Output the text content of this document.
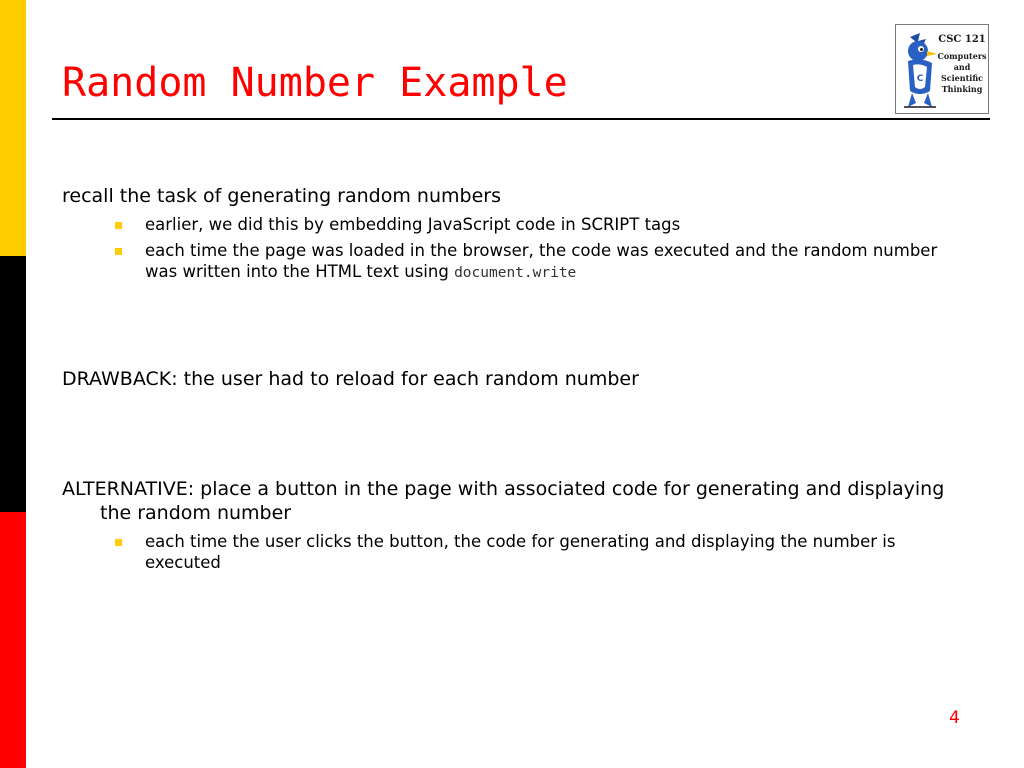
Random Number Example	C
CSC 121
Computers
and
Scientific
Thinking
recall the task of generating random numbers
earlier, we did this by embedding JavaScript code in SCRIPT tags
each time the page was loaded in the browser, the code was executed and the random number was written into the HTML text using document.write
DRAWBACK: the user had to reload for each random number
ALTERNATIVE: place a button in the page with associated code for generating and displaying the random number
each time the user clicks the button, the code for generating and displaying the number is executed
4
